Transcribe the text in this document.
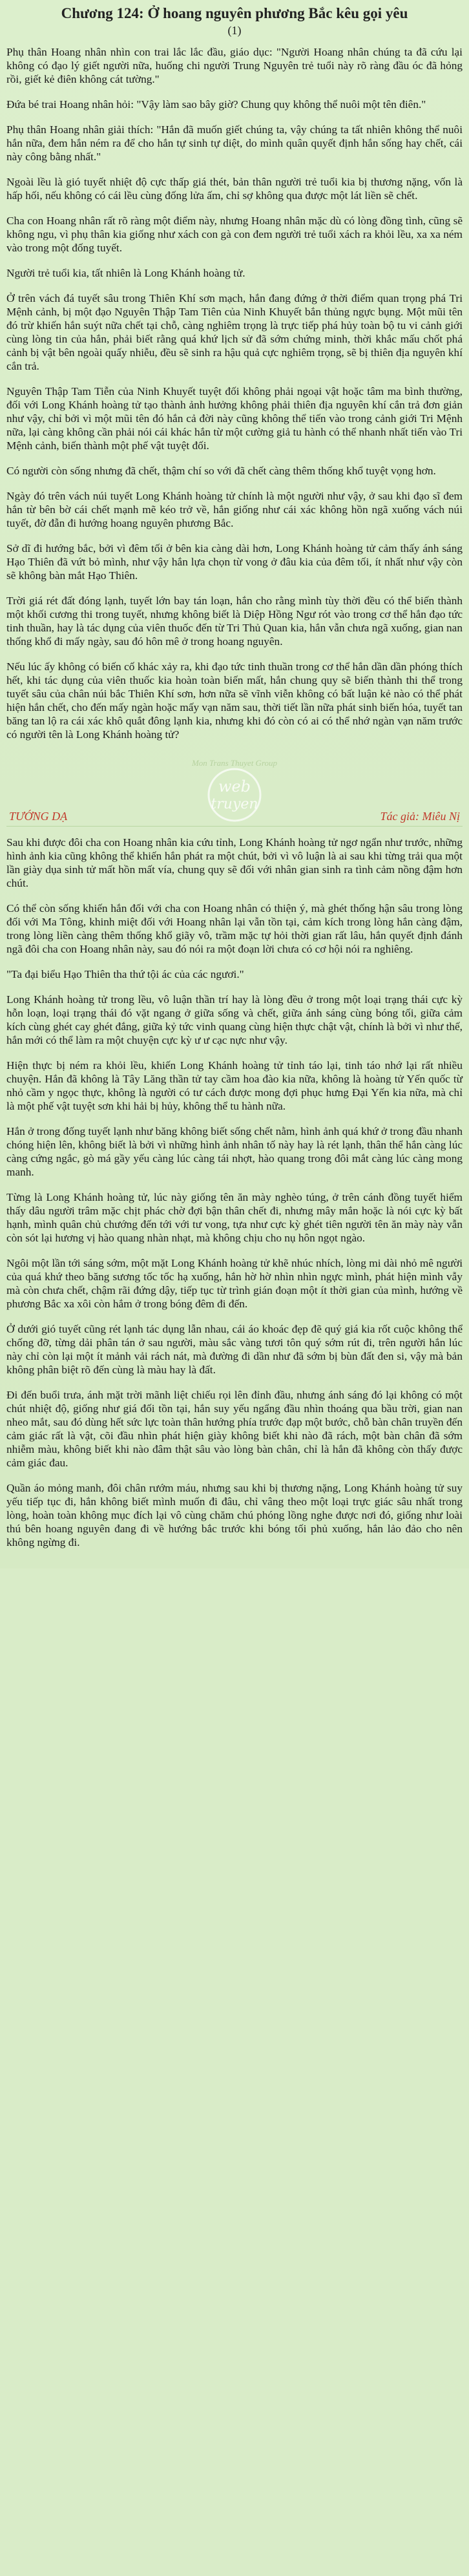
Chương 124: Ở hoang nguyên phương Bắc kêu gọi yêu
(1)

Phụ thân Hoang nhân nhìn con trai lắc lắc đầu, giáo dục: "Người Hoang nhân chúng ta đã cứu lại không có đạo lý giết người nữa, huống chi người Trung Nguyên trẻ tuổi này rõ ràng đầu óc đã hỏng rồi, giết kẻ điên không cát tường."

Đứa bé trai Hoang nhân hỏi: "Vậy làm sao bây giờ? Chung quy không thể nuôi một tên điên."

Phụ thân Hoang nhân giải thích: "Hắn đã muốn giết chúng ta, vậy chúng ta tất nhiên không thể nuôi hắn nữa, đem hắn ném ra để cho hắn tự sinh tự diệt, do mình quân quyết định hắn sống hay chết, cái này công bằng nhất."

Ngoài lều là gió tuyết nhiệt độ cực thấp giá thét, bản thân người trẻ tuổi kia bị thương nặng, vốn là hấp hối, nếu không có cái lều cùng đống lửa ấm, chỉ sợ không qua được một lát liền sẽ chết.

Cha con Hoang nhân rất rõ ràng một điểm này, nhưng Hoang nhân mặc dù có lòng đồng tình, cũng sẽ không ngu, vì phụ thân kia giống như xách con gà con đem người trẻ tuổi xách ra khỏi lều, xa xa ném vào trong một đống tuyết.

Người trẻ tuổi kia, tất nhiên là Long Khánh hoàng tử.

Ở trên vách đá tuyết sâu trong Thiên Khí sơn mạch, hắn đang đứng ở thời điểm quan trọng phá Tri Mệnh cảnh, bị một đạo Nguyên Thập Tam Tiên của Ninh Khuyết bắn thủng ngực bụng. Một mũi tên đó trừ khiến hắn suýt nữa chết tại chỗ, càng nghiêm trọng là trực tiếp phá hủy toàn bộ tu vi cảnh giới cùng lòng tin của hắn, phải biết rằng quá khứ lịch sử đã sớm chứng minh, thời khắc mấu chốt phá cảnh bị vật bên ngoài quấy nhiễu, đều sẽ sinh ra hậu quả cực nghiêm trọng, sẽ bị thiên địa nguyên khí cắn trả.

Nguyên Thập Tam Tiễn của Ninh Khuyết tuyệt đối không phải ngoại vật hoặc tâm ma bình thường, đối với Long Khánh hoàng tử tạo thành ảnh hưởng không phải thiên địa nguyên khí cắn trả đơn giản như vậy, chỉ bởi vì một mũi tên đó hắn cả đời này cũng không thể tiến vào trong cảnh giới Tri Mệnh nữa, lại càng không cần phải nói cái khác hắn từ một cường giả tu hành có thể nhanh nhất tiến vào Tri Mệnh cảnh, biến thành một phế vật tuyệt đối.

Có người còn sống nhưng đã chết, thậm chí so với đã chết càng thêm thống khổ tuyệt vọng hơn.

Ngày đó trên vách núi tuyết Long Khánh hoàng tử chính là một người như vậy, ở sau khi đạo sĩ đem hắn từ bên bờ cái chết mạnh mẽ kéo trở về, hắn giống như cái xác không hồn ngã xuống vách núi tuyết, đờ đẫn đi hướng hoang nguyên phương Bắc.

Sở dĩ đi hướng bắc, bởi vì đêm tối ở bên kia càng dài hơn, Long Khánh hoàng tử cảm thấy ánh sáng Hạo Thiên đã vứt bỏ mình, như vậy hắn lựa chọn từ vong ở đâu kia của đêm tối, ít nhất như vậy còn sẽ không bàn mắt Hạo Thiên.

Trời giá rét đất đóng lạnh, tuyết lớn bay tán loạn, hắn cho rằng mình tùy thời đều có thể biến thành một khối cương thi trong tuyết, nhưng không biết là Diệp Hồng Ngư rót vào trong cơ thể hắn đạo tức tinh thuần, hay là tác dụng của viên thuốc đến từ Tri Thủ Quan kia, hắn vẫn chưa ngã xuống, gian nan thống khổ đi mấy ngày, sau đó hôn mê ở trong hoang nguyên.

Nếu lúc ấy không có biến cố khác xảy ra, khi đạo tức tinh thuần trong cơ thể hắn dần dần phóng thích hết, khi tác dụng của viên thuốc kia hoàn toàn biến mất, hắn chung quy sẽ biến thành thi thể trong tuyết sâu của chân núi bắc Thiên Khí sơn, hơn nữa sẽ vĩnh viễn không có bất luận kẻ nào có thể phát hiện hắn chết, cho đến mấy ngàn hoặc mấy vạn năm sau, thời tiết lần nữa phát sinh biến hóa, tuyết tan băng tan lộ ra cái xác khô quắt đông lạnh kia, nhưng khi đó còn có ai có thể nhớ ngàn vạn năm trước có người tên là Long Khánh hoàng tử?

Mon Trans Thuyet Group
web
truyen
TƯỚNG DẠ	Tác giả: Miêu Nị

Sau khi được đôi cha con Hoang nhân kia cứu tỉnh, Long Khánh hoàng tử ngơ ngẩn như trước, những hình ảnh kia cũng không thể khiến hắn phát ra một chút, bởi vì vô luận là ai sau khi từng trải qua một lần giày dụa sinh tử mất hồn mất vía, chung quy sẽ đối với nhân gian sinh ra tình cảm nồng đậm hơn chút.

Có thể còn sống khiến hắn đối với cha con Hoang nhân có thiện ý, mà ghét thống hận sâu trong lòng đối với Ma Tông, khinh miệt đối với Hoang nhân lại vẫn tồn tại, cảm kích trong lòng hắn càng đậm, trong lòng liền càng thêm thống khổ giãy vô, trầm mặc tự hỏi thời gian rất lâu, hắn quyết định đánh ngã đôi cha con Hoang nhân này, sau đó nói ra một đoạn lời chưa có cơ hội nói ra nghiêng.

"Ta đại biểu Hạo Thiên tha thứ tội ác của các ngươi."

Long Khánh hoàng tử trong lều, vô luận thần trí hay là lòng đều ở trong một loại trạng thái cực kỳ hỗn loạn, loại trạng thái đó vặt ngang ở giữa sống và chết, giữa ánh sáng cùng bóng tối, giữa cảm kích cùng ghét cay ghét đắng, giữa kỷ tức vinh quang cùng hiện thực chật vật, chính là bởi vì như thế, hắn mới có thể làm ra một chuyện cực kỳ ư ư cạc nực như vậy.

Hiện thực bị ném ra khỏi lều, khiến Long Khánh hoàng tử tỉnh táo lại, tinh táo nhớ lại rất nhiều chuyện. Hắn đã không là Tây Lăng thần tử tay cầm hoa đào kia nữa, không là hoàng tử Yến quốc từ nhỏ cầm y ngọc thực, không là người có tư cách được mong đợi phục hưng Đại Yến kia nữa, mà chỉ là một phế vật tuyệt sơn khi hải bị hủy, không thể tu hành nữa.

Hắn ở trong đống tuyết lạnh như băng không biết sống chết nằm, hình ảnh quá khứ ở trong đầu nhanh chóng hiện lên, không biết là bởi vì những hình ảnh nhân tố này hay là rét lạnh, thân thể hắn càng lúc càng cứng ngắc, gò má gầy yếu càng lúc càng tái nhợt, hào quang trong đôi mắt càng lúc càng mong manh.

Từng là Long Khánh hoàng tử, lúc này giống tên ăn mày nghèo túng, ở trên cánh đồng tuyết hiểm thấy dâu người trâm mặc chịt phác chờ đợi bận thân chết đi, nhưng mây mắn hoặc là nói cực kỳ bất hạnh, mình quân chủ chướng đến tới với tư vong, tựa như cực kỳ ghét tiên người tên ăn mày này vẫn còn sót lại hương vị hào quang nhàn nhạt, mà không chịu cho nụ hôn ngọt ngào.

Ngôi một lần tới sáng sớm, một mặt Long Khánh hoàng tử khẽ nhúc nhích, lòng mi dài nhỏ mê người của quá khứ theo băng sương tốc tốc hạ xuống, hắn hờ hờ nhìn nhìn ngực mình, phát hiện mình vẫy mà còn chưa chết, chậm rãi đứng dậy, tiếp tục từ trình gián đoạn một ít thời gian của mình, hướng về phương Bắc xa xôi còn hắm ở trong bóng đêm đi đến.

Ở dưới gió tuyết cũng rét lạnh tác dụng lẫn nhau, cái áo khoác đẹp đẽ quý giá kia rốt cuộc không thể chống đỡ, từng dải phân tán ở sau người, màu sắc vàng tươi tôn quý sớm rút đi, trên người hắn lúc này chỉ còn lại một ít mảnh vải rách nát, mà đường đi dần như đã sớm bị bùn đất đen si, vậy mà bản không phân biệt rõ đến cùng là màu hay là đất.

Đi đến buổi trưa, ánh mặt trời mãnh liệt chiếu rọi lên đỉnh đầu, nhưng ánh sáng đó lại không có một chút nhiệt độ, giống như giá đối tồn tại, hắn suy yếu ngẩng đầu nhìn thoáng qua bầu trời, gian nan nheo mắt, sau đó dùng hết sức lực toàn thân hướng phía trước đạp một bước, chỗ bàn chân truyền đến cảm giác rất là vật, cõi đầu nhìn phát hiện giày không biết khi nào đã rách, một bàn chân đã sớm nhiễm màu, không biết khi nào đâm thật sâu vào lòng bàn chân, chỉ là hắn đã không còn thấy được cảm giác đau.

Quần áo mỏng manh, đôi chân rướm máu, nhưng sau khi bị thương nặng, Long Khánh hoàng tử suy yếu tiếp tục đi, hắn không biết mình muốn đi đâu, chỉ vâng theo một loại trực giác sâu nhất trong lòng, hoàn toàn không mục đích lại vô cùng chăm chú phóng lồng nghe được nơi đó, giống như loài thú bên hoang nguyên đang đi về hướng bắc trước khi bóng tối phủ xuống, hắn lảo đảo cho nên không ngừng đi.
